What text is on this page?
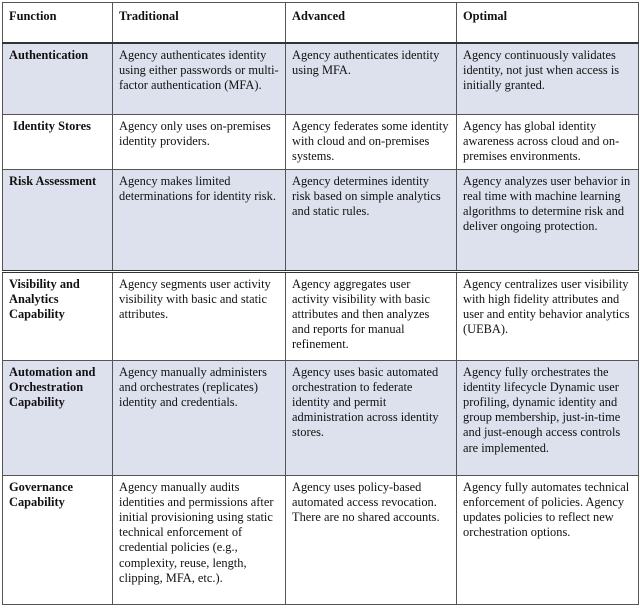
Function	Traditional	Advanced	Optimal
Authentication	Agency authenticates identity using either passwords or multi-factor authentication (MFA).	Agency authenticates identity using MFA.	Agency continuously validates identity, not just when access is initially granted.
Identity Stores	Agency only uses on-premises identity providers.	Agency federates some identity with cloud and on-premises systems.	Agency has global identity awareness across cloud and on-premises environments.
Risk Assessment	Agency makes limited determinations for identity risk.	Agency determines identity risk based on simple analytics and static rules.	Agency analyzes user behavior in real time with machine learning algorithms to determine risk and deliver ongoing protection.
Visibility and Analytics Capability	Agency segments user activity visibility with basic and static attributes.	Agency aggregates user activity visibility with basic attributes and then analyzes and reports for manual refinement.	Agency centralizes user visibility with high fidelity attributes and user and entity behavior analytics (UEBA).
Automation and Orchestration Capability	Agency manually administers and orchestrates (replicates) identity and credentials.	Agency uses basic automated orchestration to federate identity and permit administration across identity stores.	Agency fully orchestrates the identity lifecycle Dynamic user profiling, dynamic identity and group membership, just-in-time and just-enough access controls are implemented.
Governance Capability	Agency manually audits identities and permissions after initial provisioning using static technical enforcement of credential policies (e.g., complexity, reuse, length, clipping, MFA, etc.).	Agency uses policy-based automated access revocation. There are no shared accounts.	Agency fully automates technical enforcement of policies. Agency updates policies to reflect new orchestration options.
